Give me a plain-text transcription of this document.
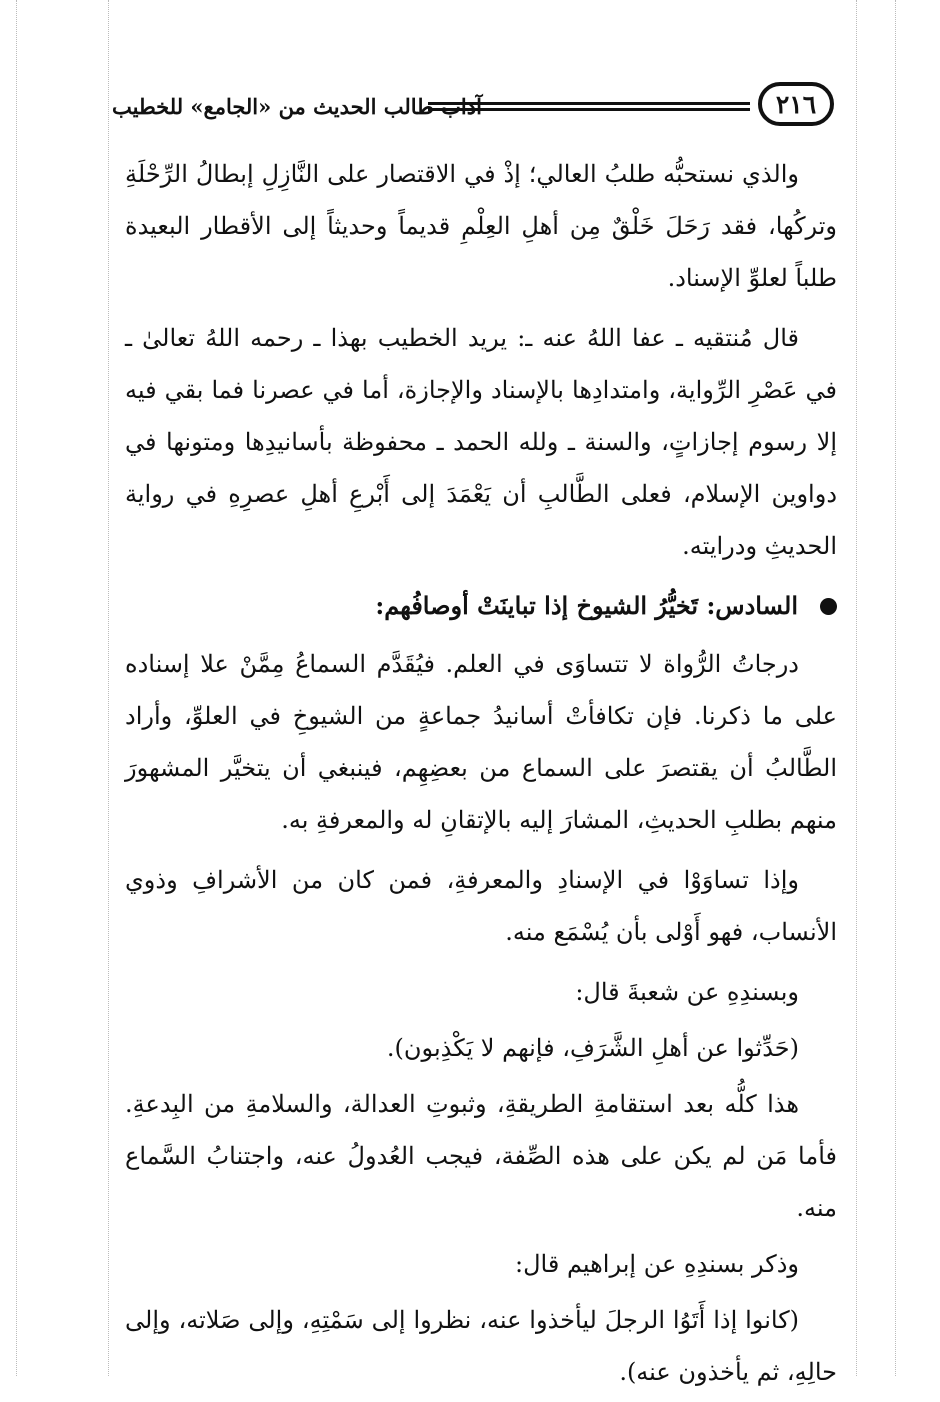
٢١٦
آداب طالب الحديث من «الجامع» للخطيب

والذي نستحبُّه طلبُ العالي؛ إذْ في الاقتصار على النَّازِلِ إبطالُ الرِّحْلَةِ وتركُها، فقد رَحَلَ خَلْقٌ مِن أهلِ العِلْمِ قديماً وحديثاً إلى الأقطار البعيدة طلباً لعلوِّ الإسناد.

قال مُنتقيه ـ عفا اللهُ عنه ـ: يريد الخطيب بهذا ـ رحمه اللهُ تعالىٰ ـ في عَصْرِ الرِّواية، وامتدادِها بالإسناد والإجازة، أما في عصرنا فما بقي فيه إلا رسوم إجازاتٍ، والسنة ـ ولله الحمد ـ محفوظة بأسانيدِها ومتونها في دواوين الإسلام، فعلى الطَّالبِ أن يَعْمَدَ إلى أَبْرعِ أهلِ عصرِهِ في رواية الحديثِ ودرايته.

السادس: تَخيُّرُ الشيوخ إذا تباينَتْ أوصافُهم:

درجاتُ الرُّواة لا تتساوَى في العلم. فيُقَدَّم السماعُ مِمَّنْ علا إسناده على ما ذكرنا. فإن تكافأتْ أسانيدُ جماعةٍ من الشيوخِ في العلوِّ، وأراد الطَّالبُ أن يقتصرَ على السماع من بعضِهِم، فينبغي أن يتخيَّر المشهورَ منهم بطلبِ الحديثِ، المشارَ إليه بالإتقانِ له والمعرفةِ به.

وإذا تساوَوْا في الإسنادِ والمعرفةِ، فمن كان من الأشرافِ وذوي الأنساب، فهو أَوْلى بأن يُسْمَع منه.

وبسندِهِ عن شعبةَ قال:

(حَدِّثوا عن أهلِ الشَّرَفِ، فإنهم لا يَكْذِبون).

هذا كلُّه بعد استقامةِ الطريقةِ، وثبوتِ العدالة، والسلامةِ من البِدعةِ. فأما مَن لم يكن على هذه الصِّفة، فيجب العُدولُ عنه، واجتنابُ السَّماع منه.

وذكر بسندِهِ عن إبراهيم قال:

(كانوا إذا أَتَوُا الرجلَ ليأخذوا عنه، نظروا إلى سَمْتِهِ، وإلى صَلاته، وإلى حالِهِ، ثم يأخذون عنه).
